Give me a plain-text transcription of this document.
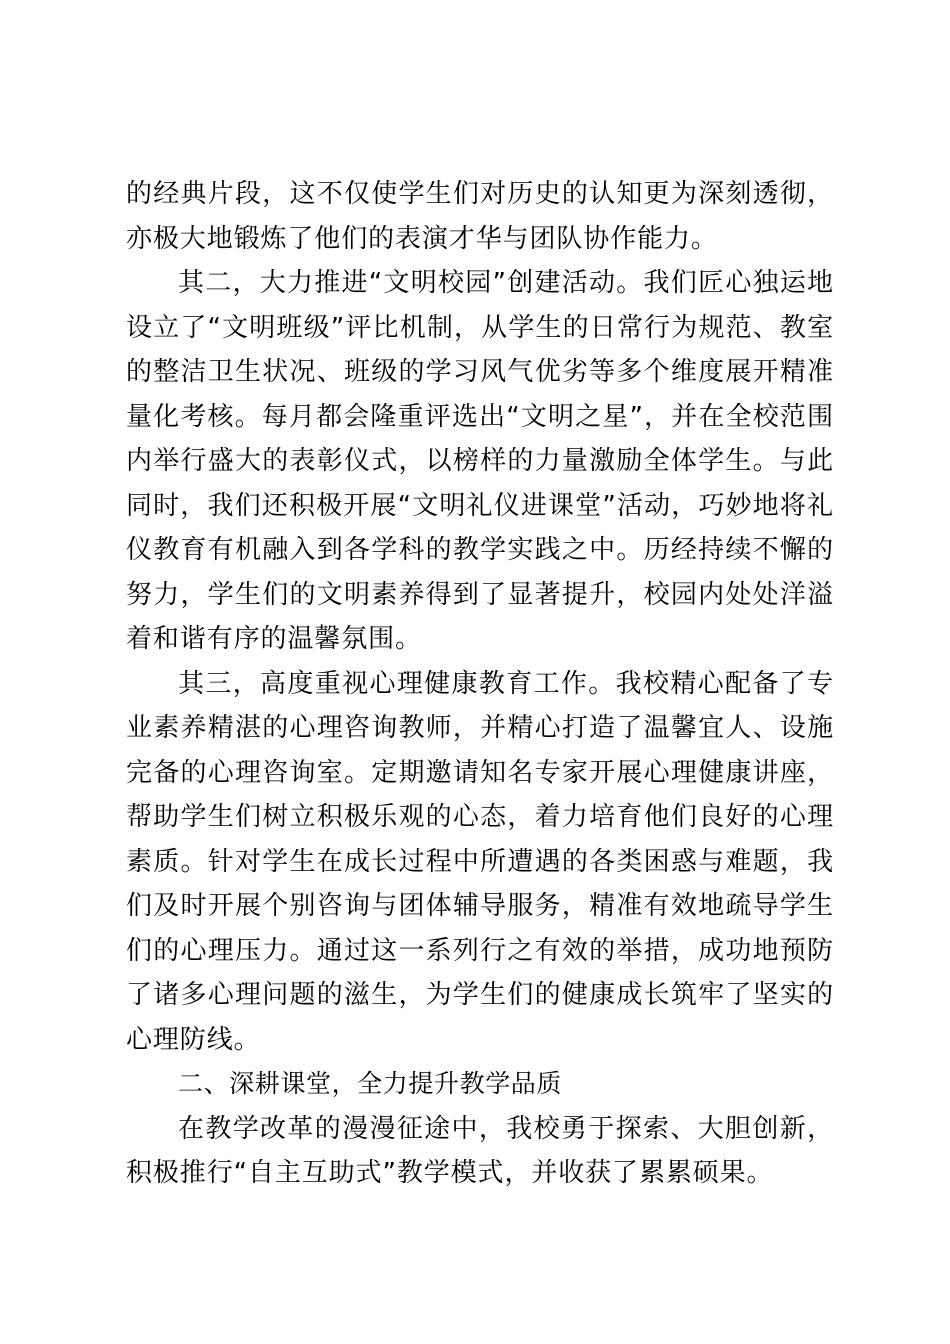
的经典片段，这不仅使学生们对历史的认知更为深刻透彻，亦极大地锻炼了他们的表演才华与团队协作能力。

其二，大力推进“文明校园”创建活动。我们匠心独运地设立了“文明班级”评比机制，从学生的日常行为规范、教室的整洁卫生状况、班级的学习风气优劣等多个维度展开精准量化考核。每月都会隆重评选出“文明之星”，并在全校范围内举行盛大的表彰仪式，以榜样的力量激励全体学生。与此同时，我们还积极开展“文明礼仪进课堂”活动，巧妙地将礼仪教育有机融入到各学科的教学实践之中。历经持续不懈的努力，学生们的文明素养得到了显著提升，校园内处处洋溢着和谐有序的温馨氛围。

其三，高度重视心理健康教育工作。我校精心配备了专业素养精湛的心理咨询教师，并精心打造了温馨宜人、设施完备的心理咨询室。定期邀请知名专家开展心理健康讲座，帮助学生们树立积极乐观的心态，着力培育他们良好的心理素质。针对学生在成长过程中所遭遇的各类困惑与难题，我们及时开展个别咨询与团体辅导服务，精准有效地疏导学生们的心理压力。通过这一系列行之有效的举措，成功地预防了诸多心理问题的滋生，为学生们的健康成长筑牢了坚实的心理防线。

二、深耕课堂，全力提升教学品质

在教学改革的漫漫征途中，我校勇于探索、大胆创新，积极推行“自主互助式”教学模式，并收获了累累硕果。
